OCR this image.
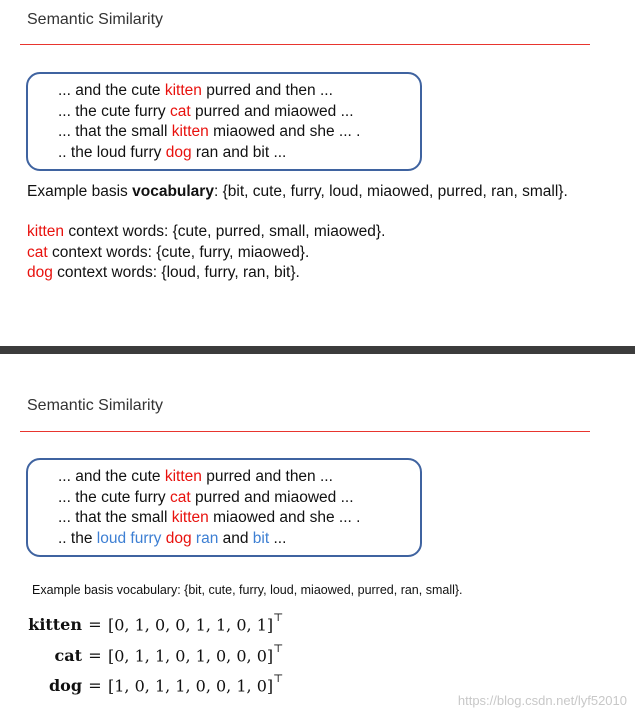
Semantic Similarity
... and the cute kitten purred and then ...
... the cute furry cat purred and miaowed ...
... that the small kitten miaowed and she ... .
.. the loud furry dog ran and bit ...
Example basis vocabulary: {bit, cute, furry, loud, miaowed, purred, ran, small}.
kitten context words: {cute, purred, small, miaowed}.
cat context words: {cute, furry, miaowed}.
dog context words: {loud, furry, ran, bit}.
Semantic Similarity
... and the cute kitten purred and then ...
... the cute furry cat purred and miaowed ...
... that the small kitten miaowed and she ... .
.. the loud furry dog ran and bit ...
Example basis vocabulary: {bit, cute, furry, loud, miaowed, purred, ran, small}.
kitten = [0, 1, 0, 0, 1, 1, 0, 1]⊤
cat = [0, 1, 1, 0, 1, 0, 0, 0]⊤
dog = [1, 0, 1, 1, 0, 0, 1, 0]⊤
https://blog.csdn.net/lyf52010
